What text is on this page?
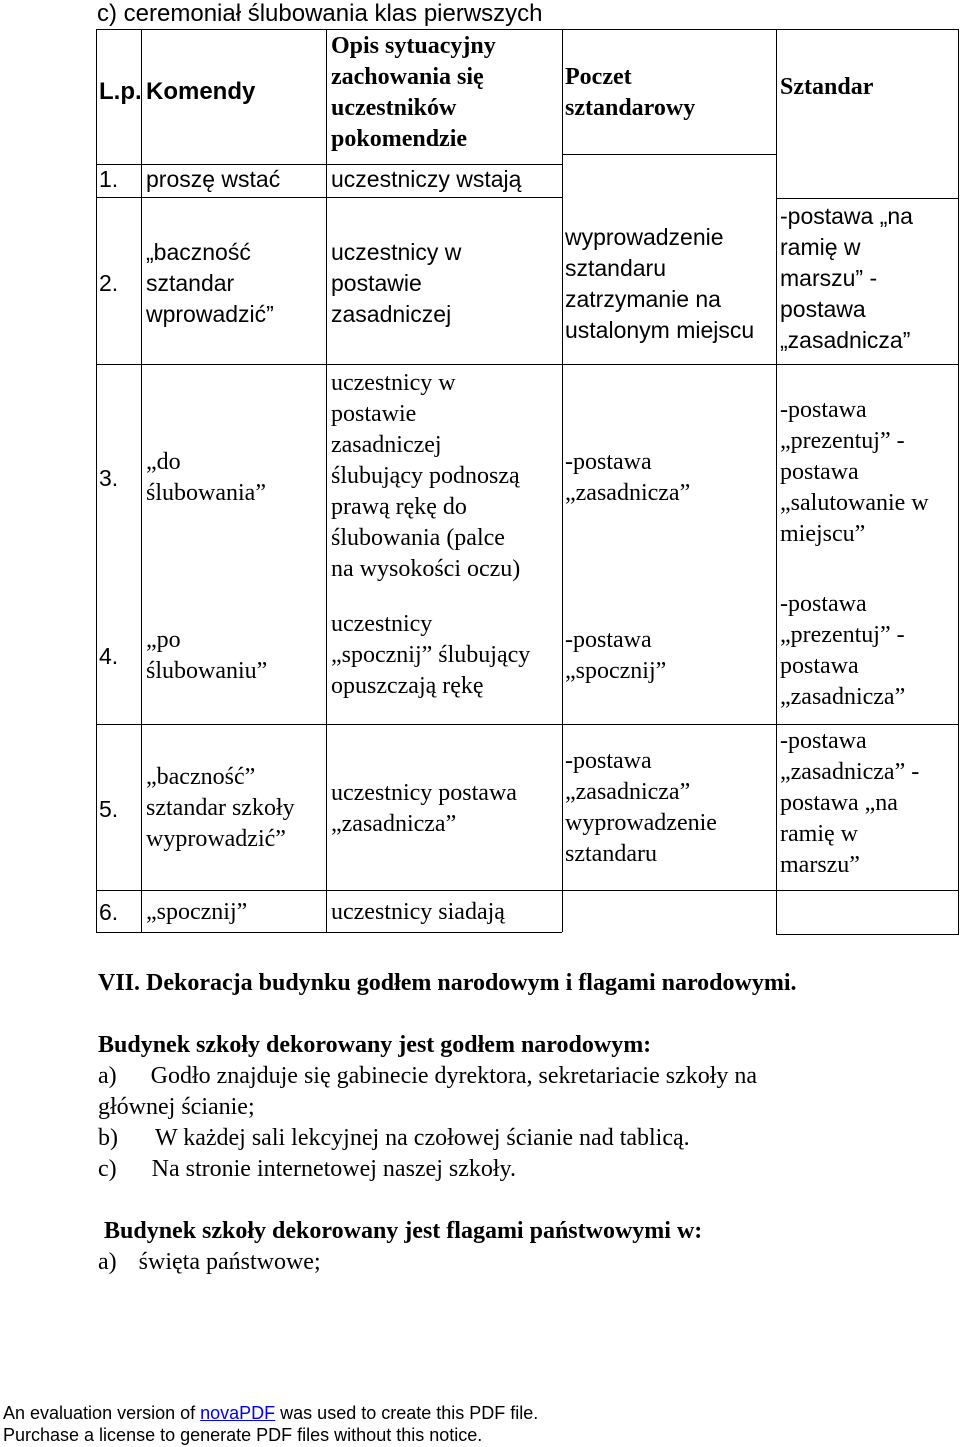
c) ceremoniał ślubowania klas pierwszych
L.p. Komendy
Opis sytuacyjny
zachowania się
uczestników
pokomendzie
Poczet
sztandarowy
Sztandar
1. proszę wstać uczestniczy wstają
2.
„baczność
sztandar
wprowadzić”
uczestnicy w
postawie
zasadniczej
wyprowadzenie
sztandaru
zatrzymanie na
ustalonym miejscu
-postawa „na
ramię w
marszu” -
postawa
„zasadnicza”
3.
„do
ślubowania”
uczestnicy w
postawie
zasadniczej
ślubujący podnoszą
prawą rękę do
ślubowania (palce
na wysokości oczu)
-postawa
„zasadnicza”
-postawa
„prezentuj” -
postawa
„salutowanie w
miejscu”
4.
„po
ślubowaniu”
uczestnicy
„spocznij” ślubujący
opuszczają rękę
-postawa
„spocznij”
-postawa
„prezentuj” -
postawa
„zasadnicza”
5.
„baczność”
sztandar szkoły
wyprowadzić”
uczestnicy postawa
„zasadnicza”
-postawa
„zasadnicza”
wyprowadzenie
sztandaru
-postawa
„zasadnicza” -
postawa „na
ramię w
marszu”
6. „spocznij”	uczestnicy siadają
VII. Dekoracja budynku godłem narodowym i flagami narodowymi.
Budynek szkoły dekorowany jest godłem narodowym:
a) Godło znajduje się gabinecie dyrektora, sekretariacie szkoły na
głównej ścianie;
b) W każdej sali lekcyjnej na czołowej ścianie nad tablicą.
c) Na stronie internetowej naszej szkoły.
Budynek szkoły dekorowany jest flagami państwowymi w:
a) święta państwowe;
An evaluation version of novaPDF was used to create this PDF file.
Purchase a license to generate PDF files without this notice.
